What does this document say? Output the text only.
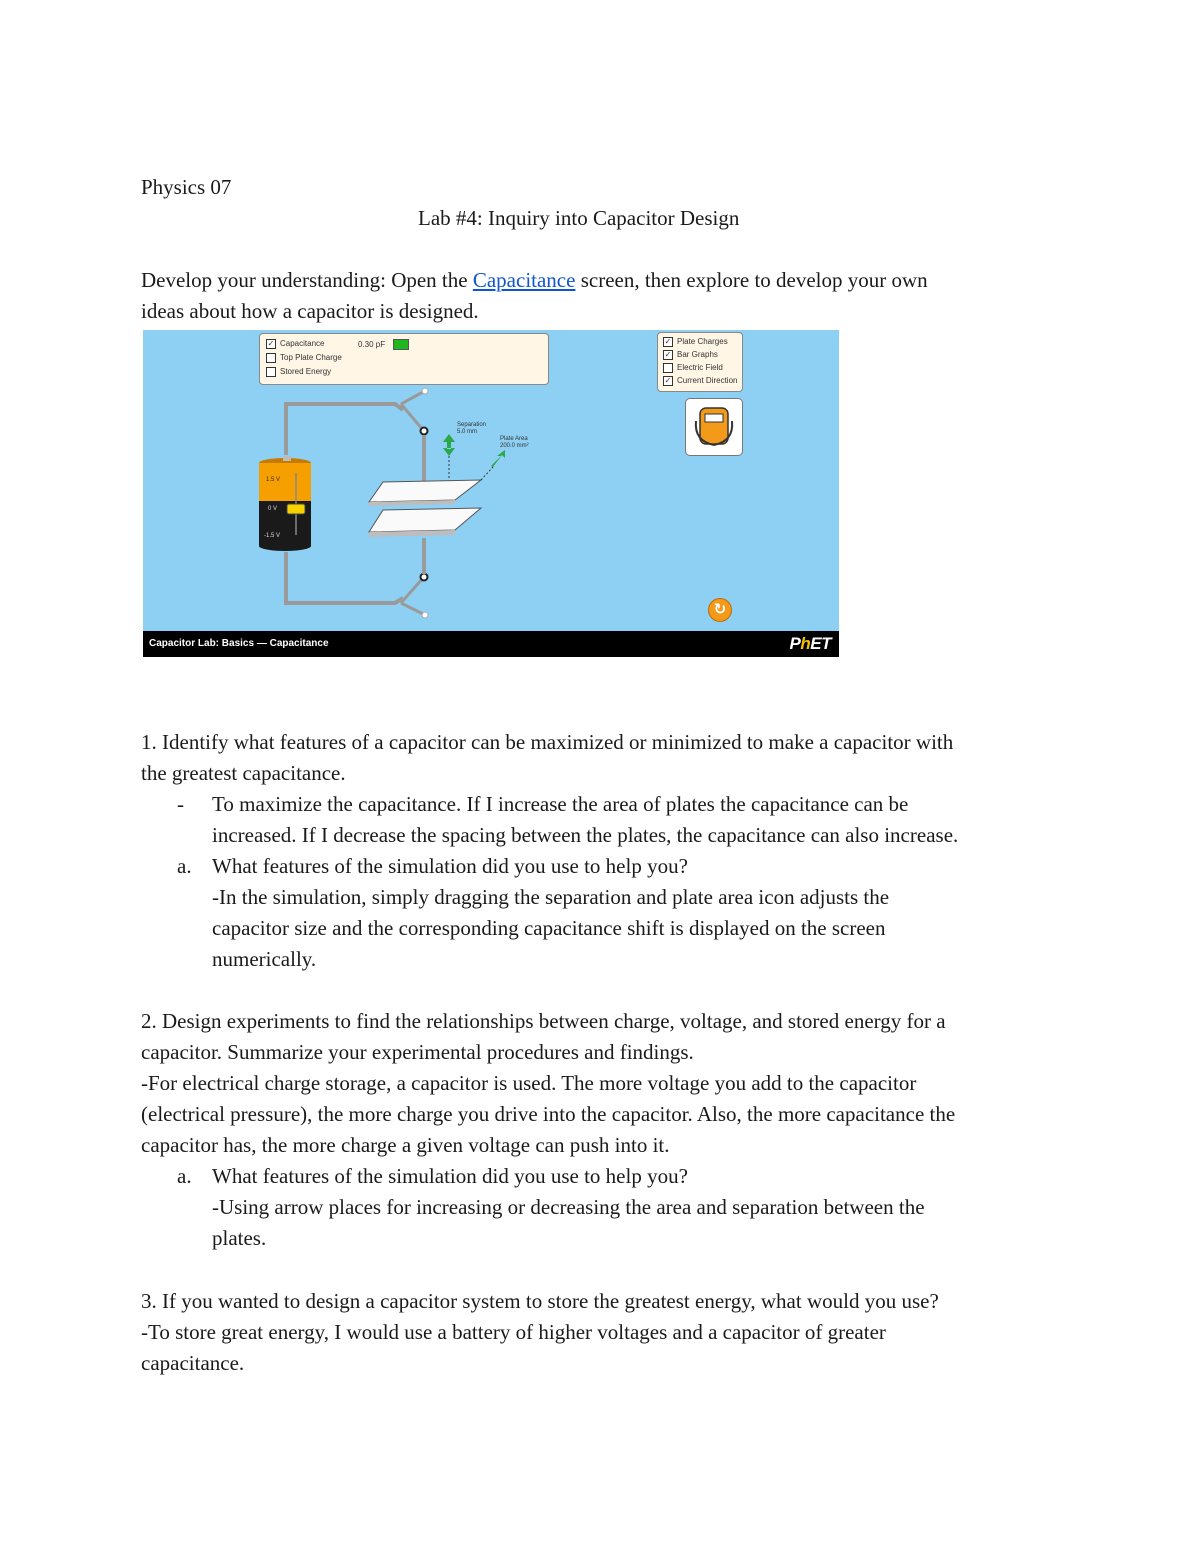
Physics 07
Lab #4: Inquiry into Capacitor Design
Develop your understanding: Open the Capacitance screen, then explore to develop your own
ideas about how a capacitor is designed.
✓ Capacitance
Top Plate Charge
Stored Energy
0.30 pF	✓ Plate Charges
✓ Bar Graphs
Electric Field
✓ Current Direction
Separation
5.0 mm
Plate Area
200.0 mm²
1.5 V
0 V
-1.5 V
↻
Capacitor Lab: Basics — Capacitance	PhET
1. Identify what features of a capacitor can be maximized or minimized to make a capacitor with
the greatest capacitance.
- To maximize the capacitance. If I increase the area of plates the capacitance can be
increased. If I decrease the spacing between the plates, the capacitance can also increase.
a. What features of the simulation did you use to help you?
-In the simulation, simply dragging the separation and plate area icon adjusts the
capacitor size and the corresponding capacitance shift is displayed on the screen
numerically.
2. Design experiments to find the relationships between charge, voltage, and stored energy for a
capacitor. Summarize your experimental procedures and findings.
-For electrical charge storage, a capacitor is used. The more voltage you add to the capacitor
(electrical pressure), the more charge you drive into the capacitor. Also, the more capacitance the
capacitor has, the more charge a given voltage can push into it.
a. What features of the simulation did you use to help you?
-Using arrow places for increasing or decreasing the area and separation between the
plates.
3. If you wanted to design a capacitor system to store the greatest energy, what would you use?
-To store great energy, I would use a battery of higher voltages and a capacitor of greater
capacitance.
